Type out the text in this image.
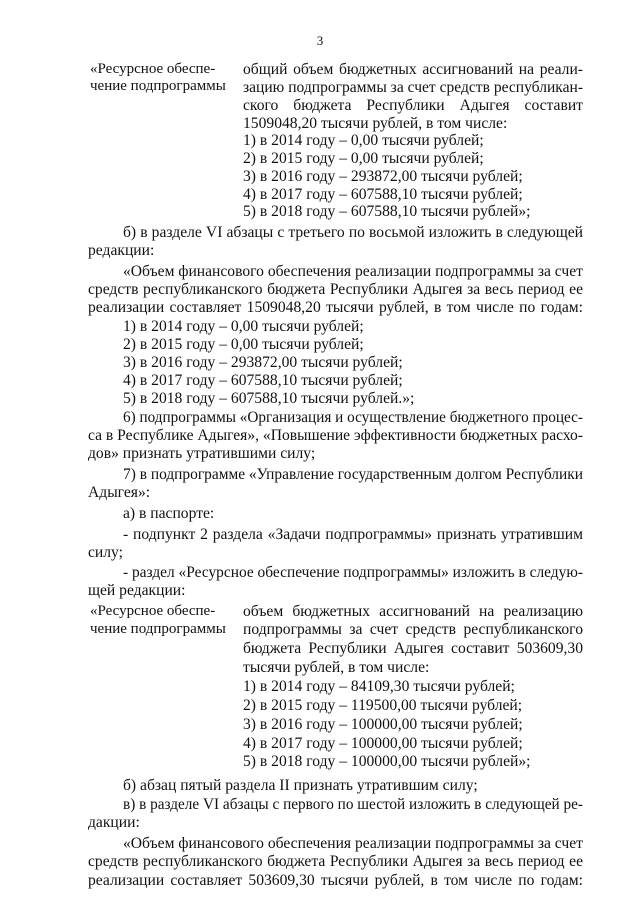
3
«Ресурсное обеспе-
чение подпрограммы
общий объем бюджетных ассигнований на реали-
зацию подпрограммы за счет средств республикан-
ского бюджета Республики Адыгея составит
1509048,20 тысячи рублей, в том числе:
1) в 2014 году – 0,00 тысячи рублей;
2) в 2015 году – 0,00 тысячи рублей;
3) в 2016 году – 293872,00 тысячи рублей;
4) в 2017 году – 607588,10 тысячи рублей;
5) в 2018 году – 607588,10 тысячи рублей»;
б) в разделе VI абзацы с третьего по восьмой изложить в следующей
редакции:
«Объем финансового обеспечения реализации подпрограммы за счет
средств республиканского бюджета Республики Адыгея за весь период ее
реализации составляет 1509048,20 тысячи рублей, в том числе по годам:
1) в 2014 году – 0,00 тысячи рублей;
2) в 2015 году – 0,00 тысячи рублей;
3) в 2016 году – 293872,00 тысячи рублей;
4) в 2017 году – 607588,10 тысячи рублей;
5) в 2018 году – 607588,10 тысячи рублей.»;
6) подпрограммы «Организация и осуществление бюджетного процес-
са в Республике Адыгея», «Повышение эффективности бюджетных расхо-
дов» признать утратившими силу;
7) в подпрограмме «Управление государственным долгом Республики
Адыгея»:
а) в паспорте:
- подпункт 2 раздела «Задачи подпрограммы» признать утратившим
силу;
- раздел «Ресурсное обеспечение подпрограммы» изложить в следую-
щей редакции:
«Ресурсное обеспе-
чение подпрограммы
объем бюджетных ассигнований на реализацию
подпрограммы за счет средств республиканского
бюджета Республики Адыгея составит 503609,30
тысячи рублей, в том числе:
1) в 2014 году – 84109,30 тысячи рублей;
2) в 2015 году – 119500,00 тысячи рублей;
3) в 2016 году – 100000,00 тысячи рублей;
4) в 2017 году – 100000,00 тысячи рублей;
5) в 2018 году – 100000,00 тысячи рублей»;
б) абзац пятый раздела II признать утратившим силу;
в) в разделе VI абзацы с первого по шестой изложить в следующей ре-
дакции:
«Объем финансового обеспечения реализации подпрограммы за счет
средств республиканского бюджета Республики Адыгея за весь период ее
реализации составляет 503609,30 тысячи рублей, в том числе по годам:
